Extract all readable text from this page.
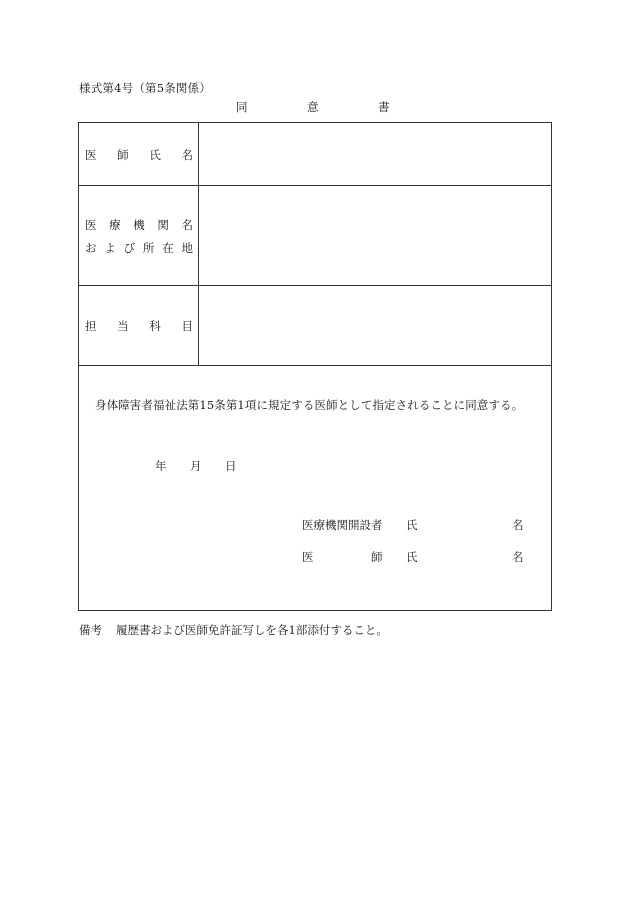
様式第4号（第5条関係）
同	意	書
医 師 氏 名
医 療 機 関 名
お よ び 所 在 地
担 当 科 目
身体障害者福祉法第15条第1項に規定する医師として指定されることに同意する。
年 月 日
医療機関開設者 氏	名
医	師 氏	名
備考 履歴書および医師免許証写しを各1部添付すること。
